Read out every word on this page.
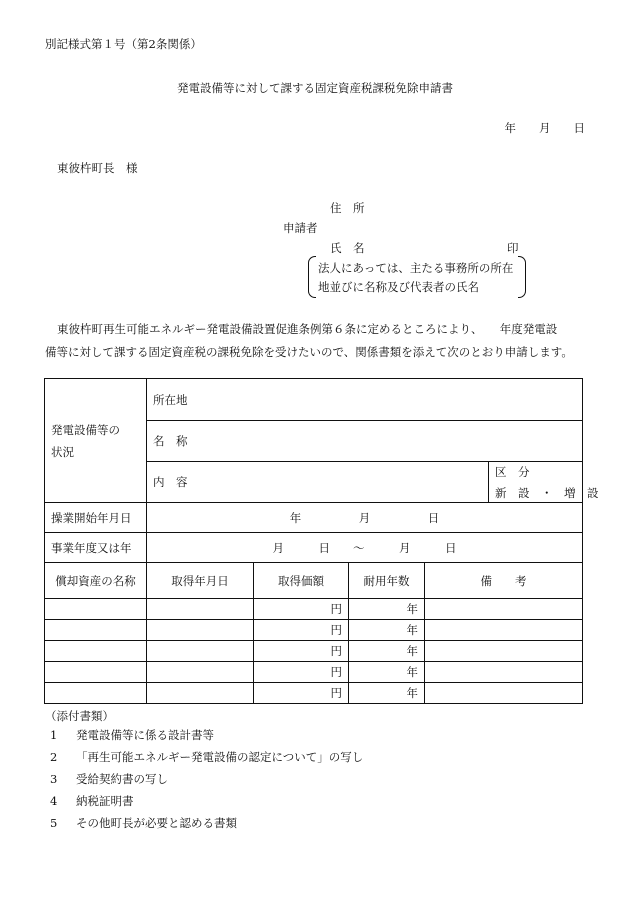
別記様式第１号（第2条関係）
発電設備等に対して課する固定資産税課税免除申請書
年　　月　　日
東彼杵町長　様
住　所
申請者
氏　名	印
法人にあっては、主たる事務所の所在
地並びに名称及び代表者の氏名
東彼杵町再生可能エネルギー発電設備設置促進条例第６条に定めるところにより、　　年度発電設
備等に対して課する固定資産税の課税免除を受けたいので、関係書類を添えて次のとおり申請します。
発電設備等の状況	所在地				
	名　称				
	内　容				区　分
新　設　・　増　設

操業開始年月日	年　　　　　月　　　　　日				
事業年度又は年	月　　　日　　～　　　月　　　日				
償却資産の名称	取得年月日	取得価額	耐用年数	備　　考	
		円	年		
		円	年		
		円	年		
		円	年		
		円	年		
（添付書類）
1 発電設備等に係る設計書等
2 「再生可能エネルギー発電設備の認定について」の写し
3 受給契約書の写し
4 納税証明書
5 その他町長が必要と認める書類
